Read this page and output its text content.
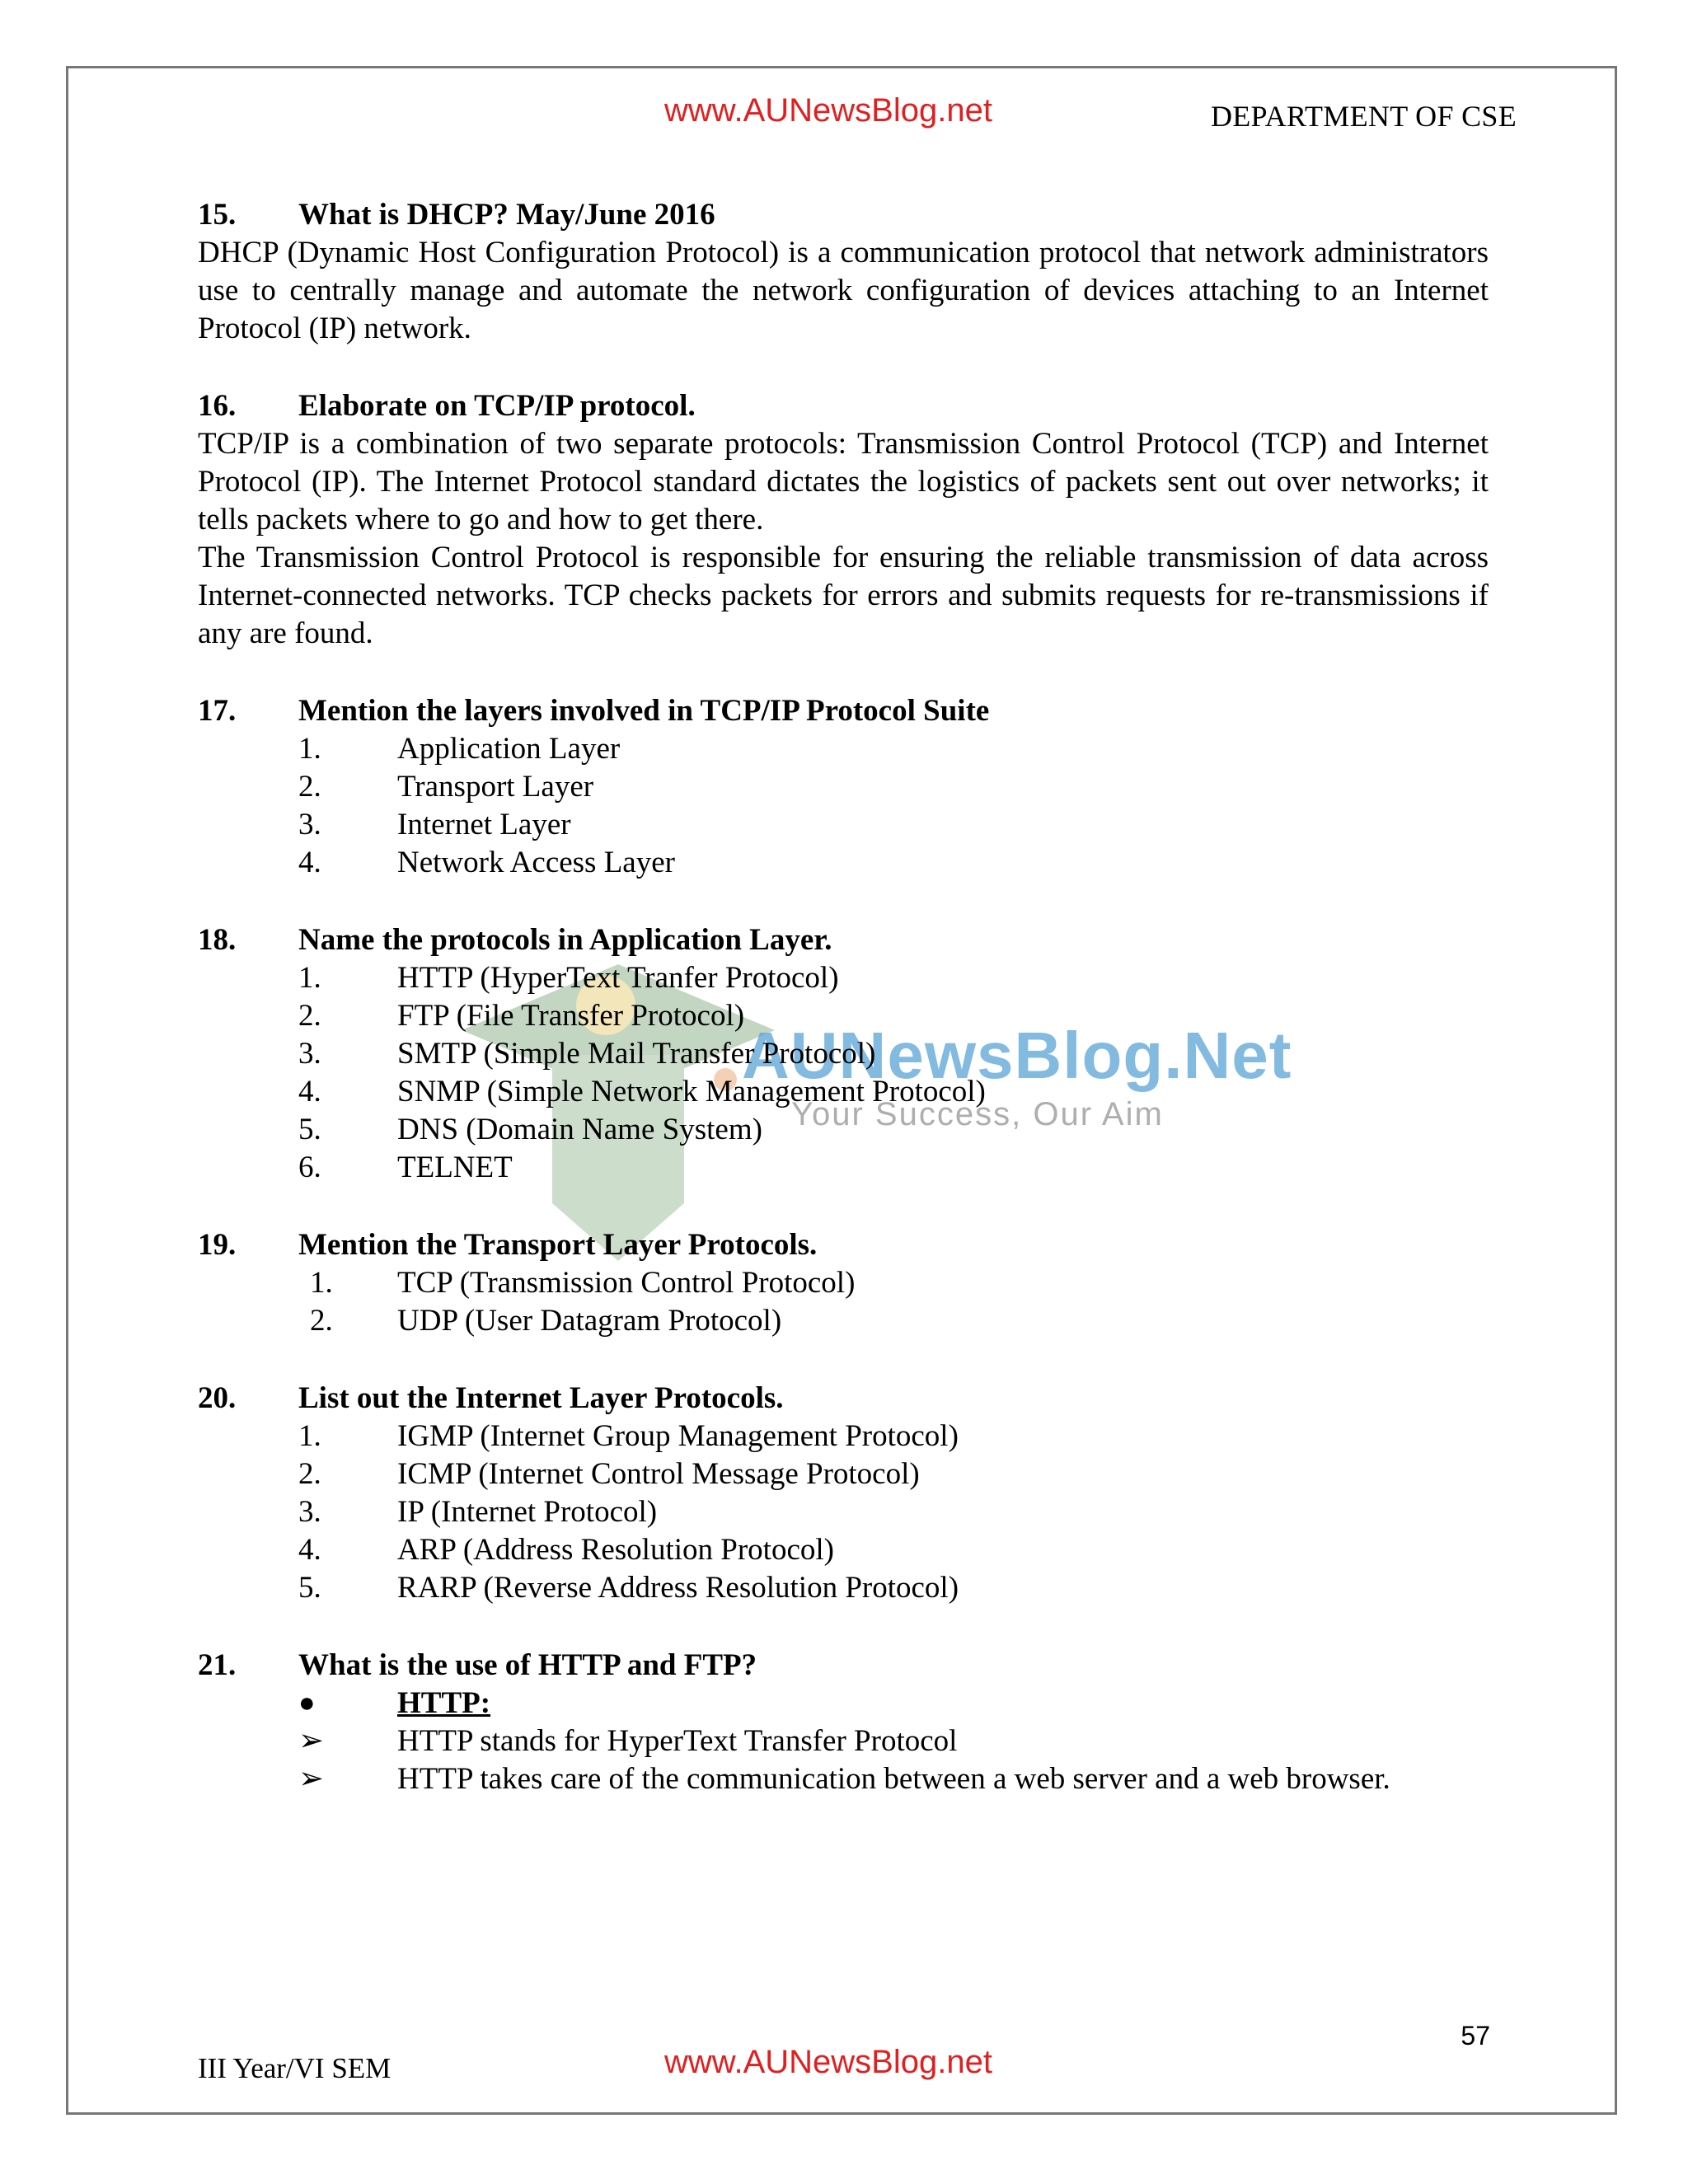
www.AUNewsBlog.net	DEPARTMENT OF CSE
AUNewsBlog.Net
Your Success, Our Aim
15.	What is DHCP? May/June 2016
DHCP (Dynamic Host Configuration Protocol) is a communication protocol that network administrators use to centrally manage and automate the network configuration of devices attaching to an Internet Protocol (IP) network.
16.	Elaborate on TCP/IP protocol.
TCP/IP is a combination of two separate protocols: Transmission Control Protocol (TCP) and Internet Protocol (IP). The Internet Protocol standard dictates the logistics of packets sent out over networks; it tells packets where to go and how to get there.
The Transmission Control Protocol is responsible for ensuring the reliable transmission of data across Internet-connected networks. TCP checks packets for errors and submits requests for re-transmissions if any are found.
17.	Mention the layers involved in TCP/IP Protocol Suite
1.	Application Layer
2.	Transport Layer
3.	Internet Layer
4.	Network Access Layer
18.	Name the protocols in Application Layer.
1.	HTTP (HyperText Tranfer Protocol)
2.	FTP (File Transfer Protocol)
3.	SMTP (Simple Mail Transfer Protocol)
4.	SNMP (Simple Network Management Protocol)
5.	DNS (Domain Name System)
6.	TELNET
19.	Mention the Transport Layer Protocols.
1.	TCP (Transmission Control Protocol)
2.	UDP (User Datagram Protocol)
20.	List out the Internet Layer Protocols.
1.	IGMP (Internet Group Management Protocol)
2.	ICMP (Internet Control Message Protocol)
3.	IP (Internet Protocol)
4.	ARP (Address Resolution Protocol)
5.	RARP (Reverse Address Resolution Protocol)
21.	What is the use of HTTP and FTP?
●	HTTP:
➢	HTTP stands for HyperText Transfer Protocol
➢	HTTP takes care of the communication between a web server and a web browser.
57
III Year/VI SEM	www.AUNewsBlog.net
